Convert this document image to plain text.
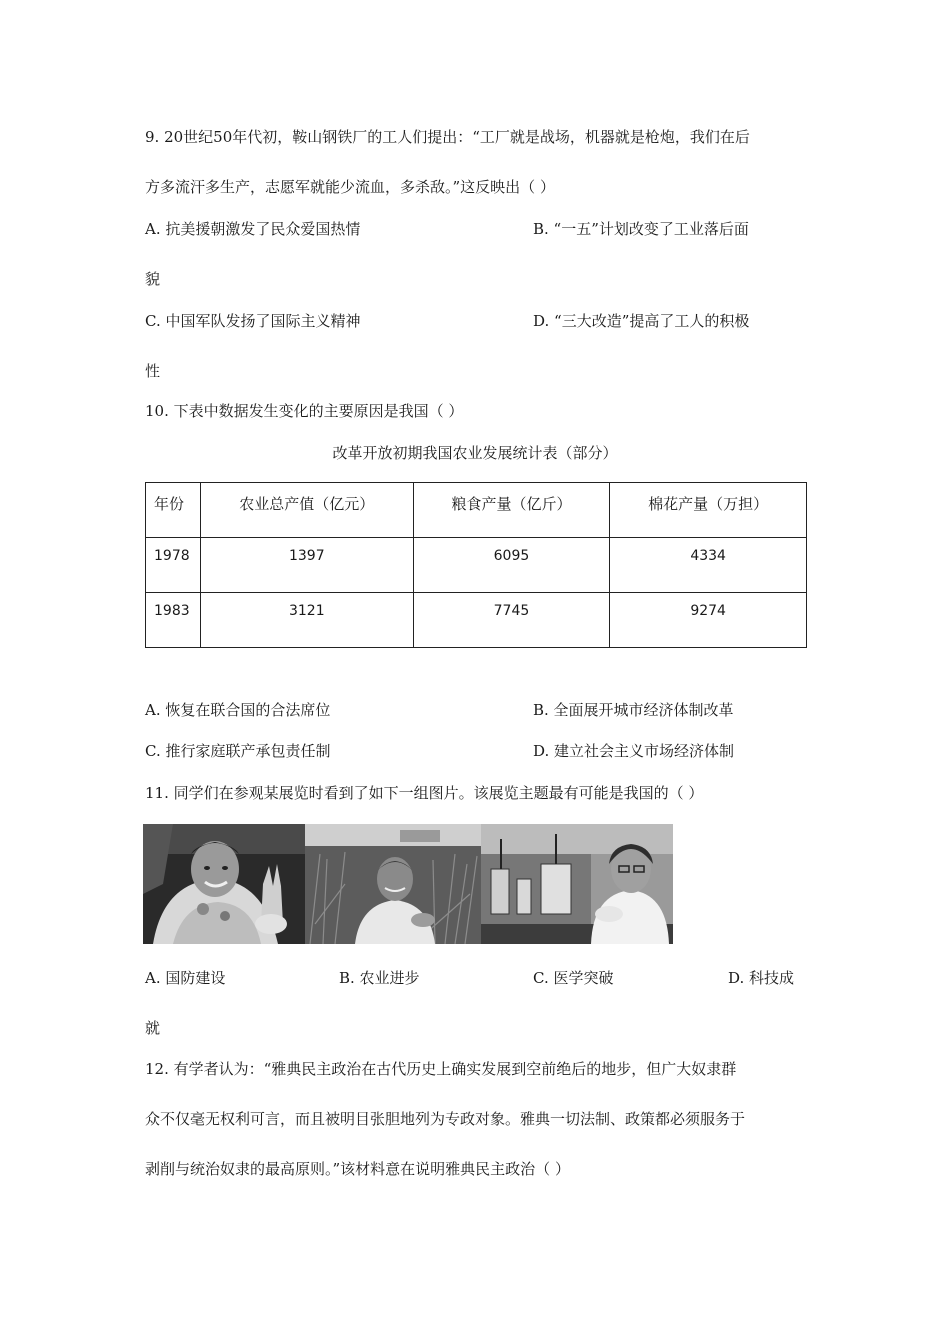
9. 20世纪50年代初，鞍山钢铁厂的工人们提出：“工厂就是战场，机器就是枪炮，我们在后
方多流汗多生产，志愿军就能少流血，多杀敌。”这反映出（ ）
A. 抗美援朝激发了民众爱国热情	B. “一五”计划改变了工业落后面
貌
C. 中国军队发扬了国际主义精神	D. “三大改造”提高了工人的积极
性
10. 下表中数据发生变化的主要原因是我国（ ）
改革开放初期我国农业发展统计表（部分）
年份	农业总产值（亿元）	粮食产量（亿斤）	棉花产量（万担）
1978	1397	6095	4334
1983	3121	7745	9274
A. 恢复在联合国的合法席位	B. 全面展开城市经济体制改革
C. 推行家庭联产承包责任制	D. 建立社会主义市场经济体制
11. 同学们在参观某展览时看到了如下一组图片。该展览主题最有可能是我国的（ ）
A. 国防建设	B. 农业进步	C. 医学突破	D. 科技成
就
12. 有学者认为：“雅典民主政治在古代历史上确实发展到空前绝后的地步，但广大奴隶群
众不仅毫无权利可言，而且被明目张胆地列为专政对象。雅典一切法制、政策都必须服务于
剥削与统治奴隶的最高原则。”该材料意在说明雅典民主政治（ ）
